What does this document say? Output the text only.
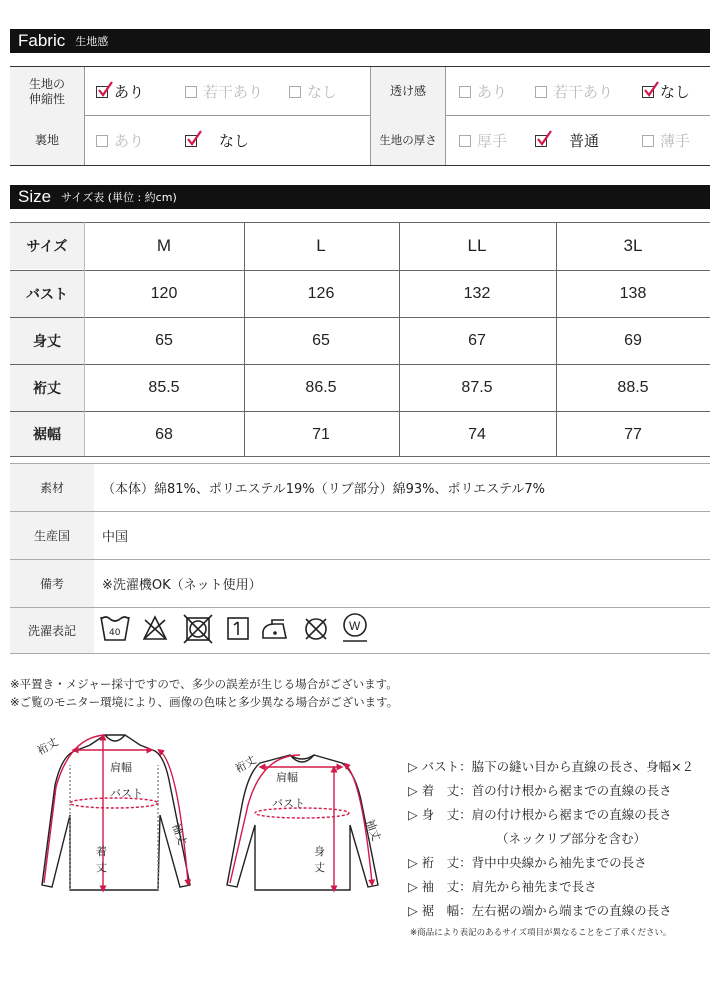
Fabric 生地感
生地の
伸縮性	あり	若干あり	なし	透け感	あり	若干あり	なし
裏地	あり	なし	生地の厚さ	厚手	普通	薄手
Size サイズ表 (単位 : 約cm)
サイズ	M	L	LL	3L
バスト	120	126	132	138
身丈	65	65	67	69
裄丈	85.5	86.5	87.5	88.5
裾幅	68	71	74	77
素材	（本体）綿81%、ポリエステル19%（リブ部分）綿93%、ポリエステル7%
生産国	中国
備考	※洗濯機OK（ネット使用）
洗濯表記	40	W
※平置き・メジャー採寸ですので、多少の誤差が生じる場合がございます。
※ご覧のモニター環境により、画像の色味と多少異なる場合がございます。
肩幅
バスト
着
丈
袖丈
裄丈
肩幅
バスト
身
丈
袖丈
裄丈	▷ バスト：脇下の縫い目から直線の長さ、身幅×２
▷ 着　丈：首の付け根から裾までの直線の長さ
▷ 身　丈：肩の付け根から裾までの直線の長さ
（ネックリブ部分を含む）
▷ 裄　丈：背中中央線から袖先までの長さ
▷ 袖　丈：肩先から袖先まで長さ
▷ 裾　幅：左右裾の端から端までの直線の長さ
※商品により表記のあるサイズ項目が異なることをご了承ください。
